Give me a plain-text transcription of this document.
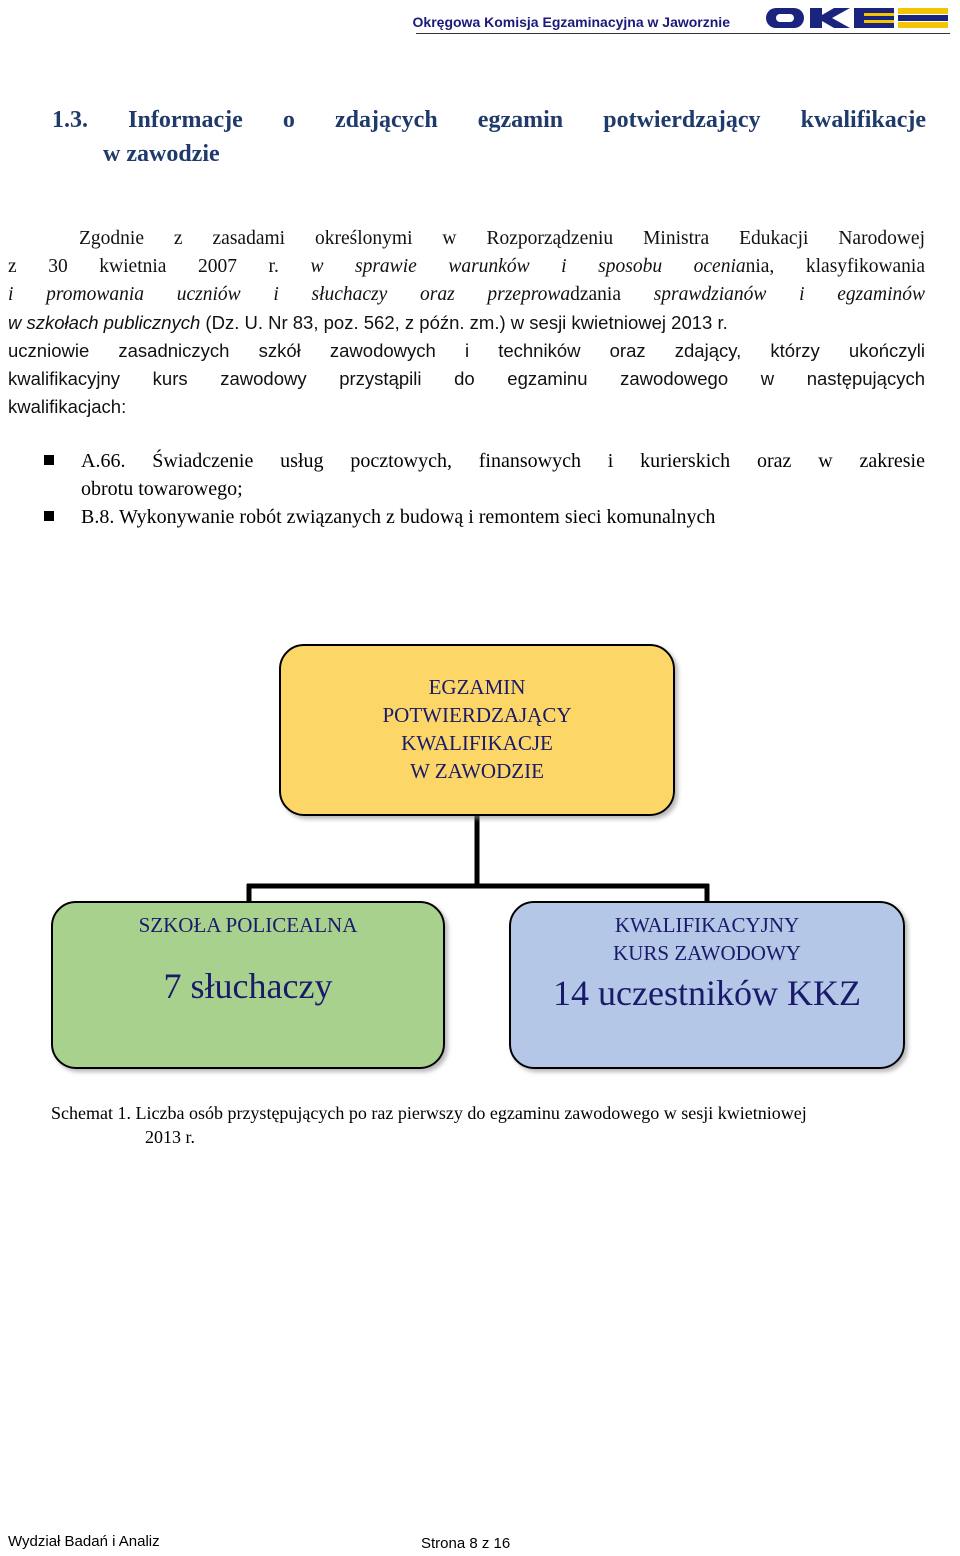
Okręgowa Komisja Egzaminacyjna w Jaworznie
1.3. Informacje o zdających egzamin potwierdzający kwalifikacje
w zawodzie
Zgodnie z zasadami określonymi w Rozporządzeniu Ministra Edukacji Narodowej
z 30 kwietnia 2007 r. w sprawie warunków i sposobu oceniania, klasyfikowania
i promowania uczniów i słuchaczy oraz przeprowadzania sprawdzianów i egzaminów
w szkołach publicznych (Dz. U. Nr 83, poz. 562, z późn. zm.) w sesji kwietniowej 2013 r.
uczniowie zasadniczych szkół zawodowych i techników oraz zdający, którzy ukończyli
kwalifikacyjny kurs zawodowy przystąpili do egzaminu zawodowego w następujących
kwalifikacjach:
A.66. Świadczenie usług pocztowych, finansowych i kurierskich oraz w zakresie
obrotu towarowego;
B.8. Wykonywanie robót związanych z budową i remontem sieci komunalnych
EGZAMIN
POTWIERDZAJĄCY
KWALIFIKACJE
W ZAWODZIE
SZKOŁA POLICEALNA
7 słuchaczy
KWALIFIKACYJNY
KURS ZAWODOWY
14 uczestników KKZ
Schemat 1. Liczba osób przystępujących po raz pierwszy do egzaminu zawodowego w sesji kwietniowej
2013 r.
Wydział Badań i Analiz	Strona 8 z 16
